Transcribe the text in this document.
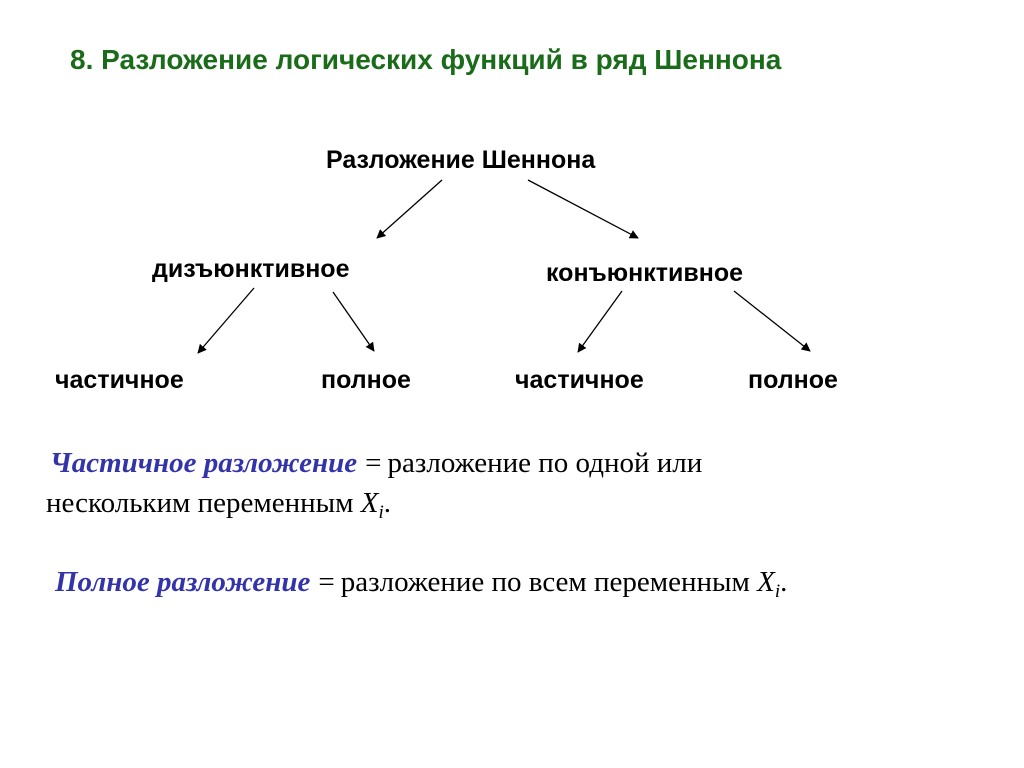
8. Разложение логических функций в ряд Шеннона
Разложение Шеннона
дизъюнктивное	конъюнктивное
частичное	полное	частичное	полное
Частичное разложение = разложение по одной или
нескольким переменным $X_i$.
Полное разложение = разложение по всем переменным $X_i$.
